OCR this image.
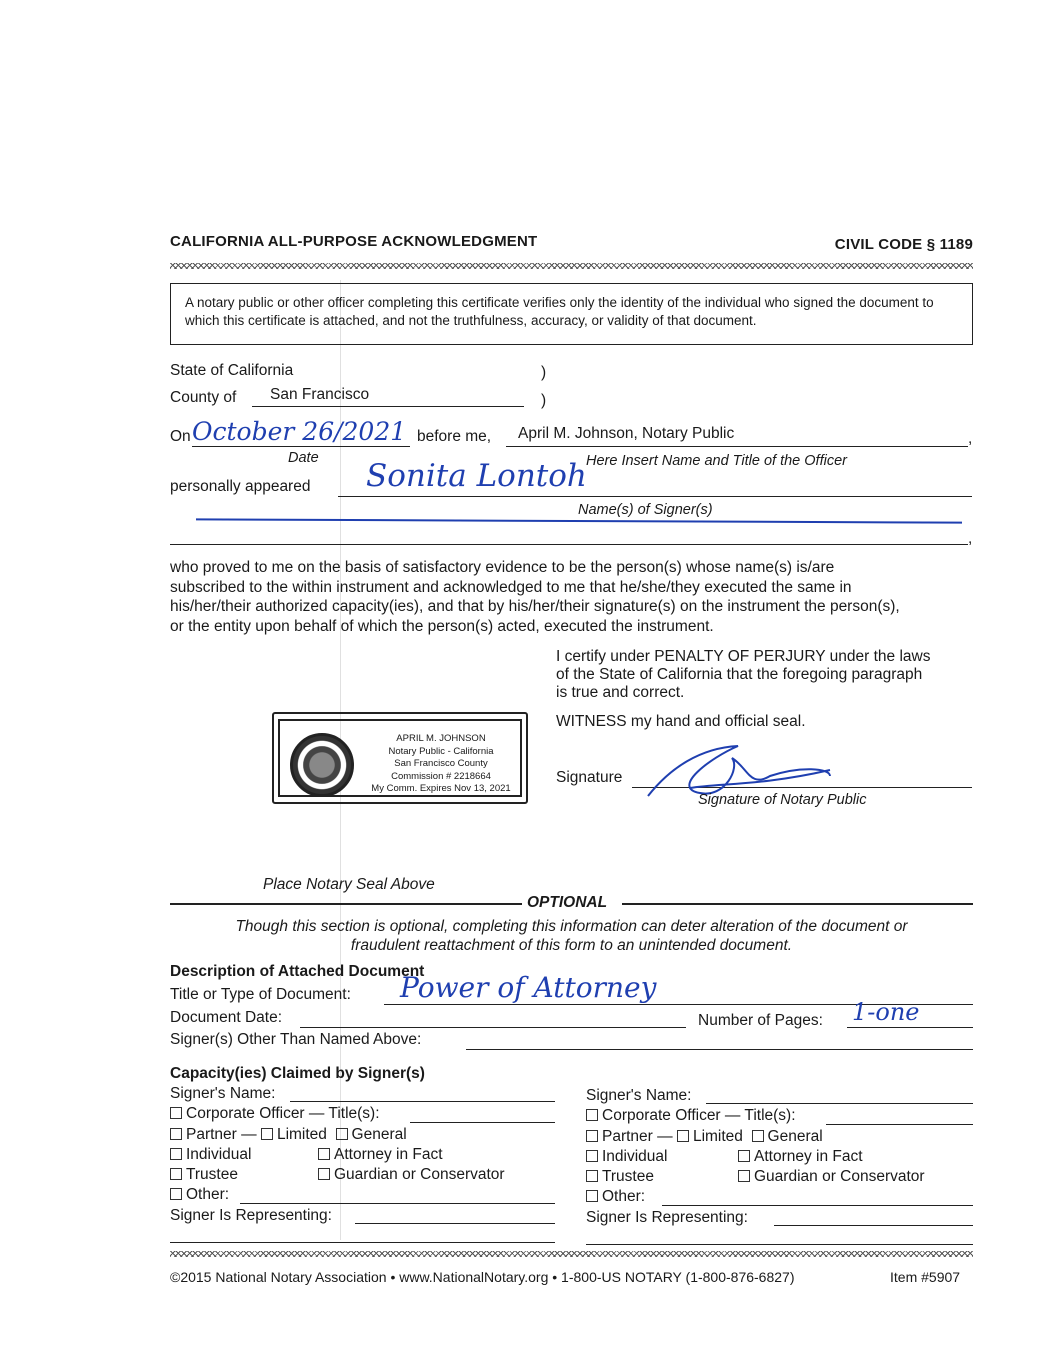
CALIFORNIA ALL-PURPOSE ACKNOWLEDGMENT	CIVIL CODE § 1189
A notary public or other officer completing this certificate verifies only the identity of the individual who signed the document to which this certificate is attached, and not the truthfulness, accuracy, or validity of that document.
State of California	)
County of San Francisco	)
On October 26/2021 before me, April M. Johnson, Notary Public	,
Date	Here Insert Name and Title of the Officer
personally appeared Sonita Lontoh
Name(s) of Signer(s)
,
who proved to me on the basis of satisfactory evidence to be the person(s) whose name(s) is/are
subscribed to the within instrument and acknowledged to me that he/she/they executed the same in
his/her/their authorized capacity(ies), and that by his/her/their signature(s) on the instrument the person(s),
or the entity upon behalf of which the person(s) acted, executed the instrument.
I certify under PENALTY OF PERJURY under the laws
of the State of California that the foregoing paragraph
is true and correct.
WITNESS my hand and official seal.
Signature
Signature of Notary Public
APRIL M. JOHNSON
Notary Public - California
San Francisco County
Commission # 2218664
My Comm. Expires Nov 13, 2021
Place Notary Seal Above
OPTIONAL
Though this section is optional, completing this information can deter alteration of the document or
fraudulent reattachment of this form to an unintended document.
Description of Attached Document
Title or Type of Document: Power of Attorney
Document Date:	Number of Pages: 1-one
Signer(s) Other Than Named Above:
Capacity(ies) Claimed by Signer(s)
Signer's Name:
Corporate Officer — Title(s):
Partner — Limited General
Individual	Attorney in Fact
Trustee	Guardian or Conservator
Other:
Signer Is Representing:
Signer's Name:
Corporate Officer — Title(s):
Partner — Limited General
Individual	Attorney in Fact
Trustee	Guardian or Conservator
Other:
Signer Is Representing:
©2015 National Notary Association • www.NationalNotary.org • 1-800-US NOTARY (1-800-876-6827)	Item #5907
